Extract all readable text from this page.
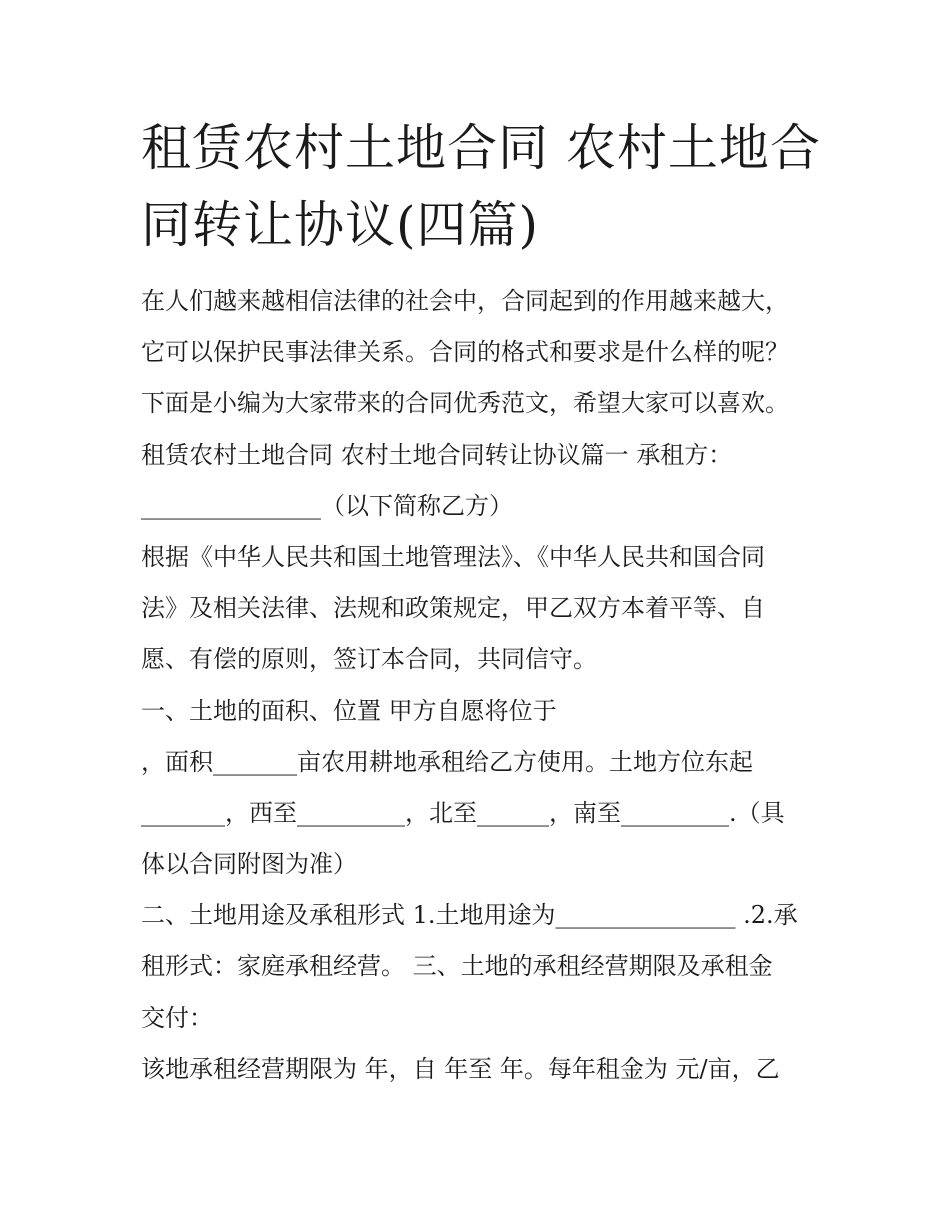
租赁农村土地合同 农村土地合
同转让协议(四篇)
在人们越来越相信法律的社会中，合同起到的作用越来越大，
它可以保护民事法律关系。合同的格式和要求是什么样的呢？
下面是小编为大家带来的合同优秀范文，希望大家可以喜欢。
租赁农村土地合同 农村土地合同转让协议篇一 承租方：
_______________（以下简称乙方）
根据《中华人民共和国土地管理法》、《中华人民共和国合同
法》及相关法律、法规和政策规定，甲乙双方本着平等、自
愿、有偿的原则，签订本合同，共同信守。
一、土地的面积、位置 甲方自愿将位于
，面积_______亩农用耕地承租给乙方使用。土地方位东起
_______，西至_________，北至______，南至_________.（具
体以合同附图为准）
二、土地用途及承租形式 1.土地用途为_______________ .2.承
租形式：家庭承租经营。 三、土地的承租经营期限及承租金
交付：
该地承租经营期限为 年，自 年至 年。每年租金为 元/亩，乙
